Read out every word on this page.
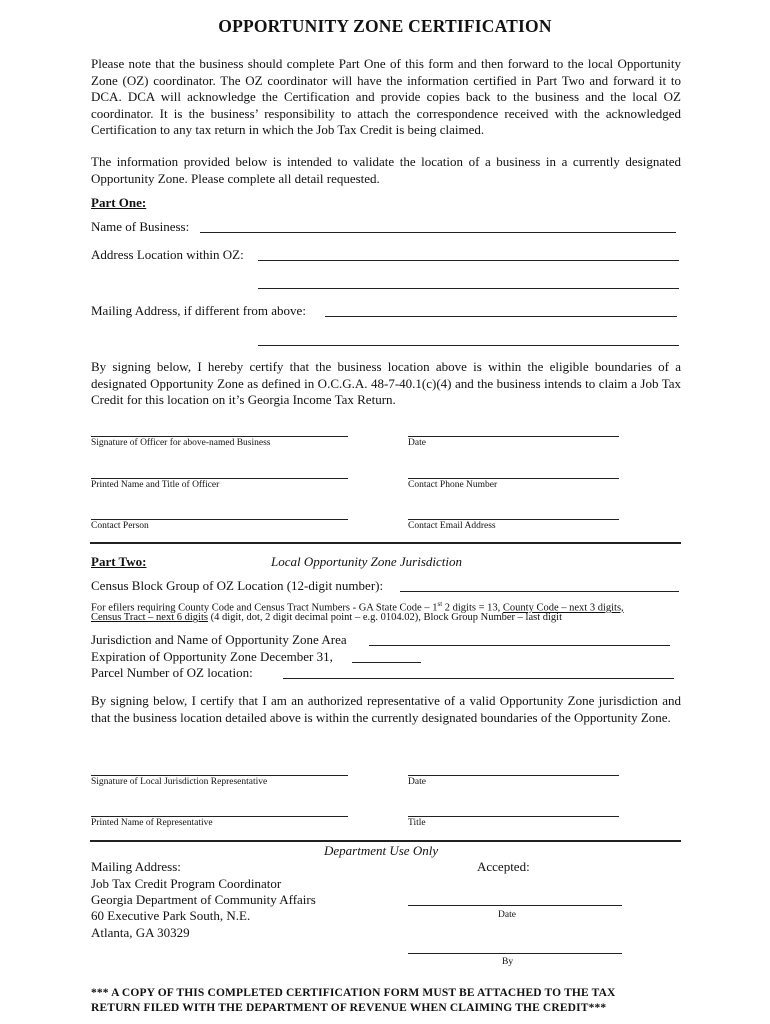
OPPORTUNITY ZONE CERTIFICATION
Please note that the business should complete Part One of this form and then forward to the local Opportunity Zone (OZ) coordinator. The OZ coordinator will have the information certified in Part Two and forward it to DCA. DCA will acknowledge the Certification and provide copies back to the business and the local OZ coordinator. It is the business’ responsibility to attach the correspondence received with the acknowledged Certification to any tax return in which the Job Tax Credit is being claimed.
The information provided below is intended to validate the location of a business in a currently designated Opportunity Zone. Please complete all detail requested.
Part One:
Name of Business:
Address Location within OZ:
Mailing Address, if different from above:
By signing below, I hereby certify that the business location above is within the eligible boundaries of a designated Opportunity Zone as defined in O.C.G.A. 48-7-40.1(c)(4) and the business intends to claim a Job Tax Credit for this location on it’s Georgia Income Tax Return.
Signature of Officer for above-named Business	Date
Printed Name and Title of Officer	Contact Phone Number
Contact Person	Contact Email Address
Part Two:	Local Opportunity Zone Jurisdiction
Census Block Group of OZ Location (12-digit number):
For efilers requiring County Code and Census Tract Numbers - GA State Code – 1st 2 digits = 13, County Code – next 3 digits,
Census Tract – next 6 digits (4 digit, dot, 2 digit decimal point – e.g. 0104.02), Block Group Number – last digit
Jurisdiction and Name of Opportunity Zone Area
Expiration of Opportunity Zone December 31,
Parcel Number of OZ location:
By signing below, I certify that I am an authorized representative of a valid Opportunity Zone jurisdiction and that the business location detailed above is within the currently designated boundaries of the Opportunity Zone.
Signature of Local Jurisdiction Representative	Date
Printed Name of Representative	Title
Department Use Only
Mailing Address:
Job Tax Credit Program Coordinator
Georgia Department of Community Affairs
60 Executive Park South, N.E.
Atlanta, GA 30329
Accepted:
Date
By
*** A COPY OF THIS COMPLETED CERTIFICATION FORM MUST BE ATTACHED TO THE TAX
RETURN FILED WITH THE DEPARTMENT OF REVENUE WHEN CLAIMING THE CREDIT***
